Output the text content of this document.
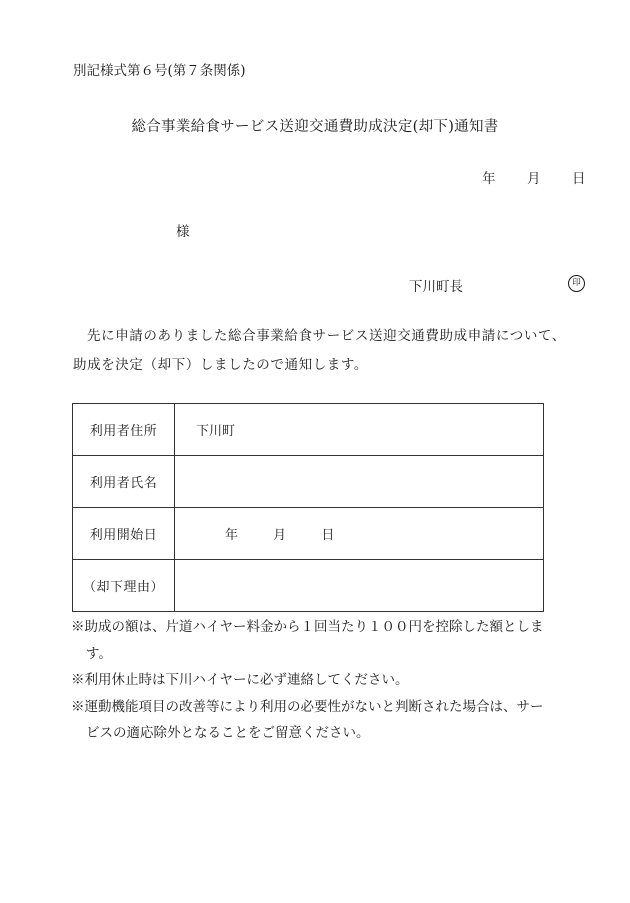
別記様式第６号(第７条関係)
総合事業給食サービス送迎交通費助成決定(却下)通知書
年 月 日
様
下川町長	印
先に申請のありました総合事業給食サービス送迎交通費助成申請について、
助成を決定（却下）しましたので通知します。
利用者住所	下川町
利用者氏名	
利用開始日	年 月 日
（却下理由）	
※助成の額は、片道ハイヤー料金から１回当たり１００円を控除した額としま
す。
※利用休止時は下川ハイヤーに必ず連絡してください。
※運動機能項目の改善等により利用の必要性がないと判断された場合は、サー
ビスの適応除外となることをご留意ください。
